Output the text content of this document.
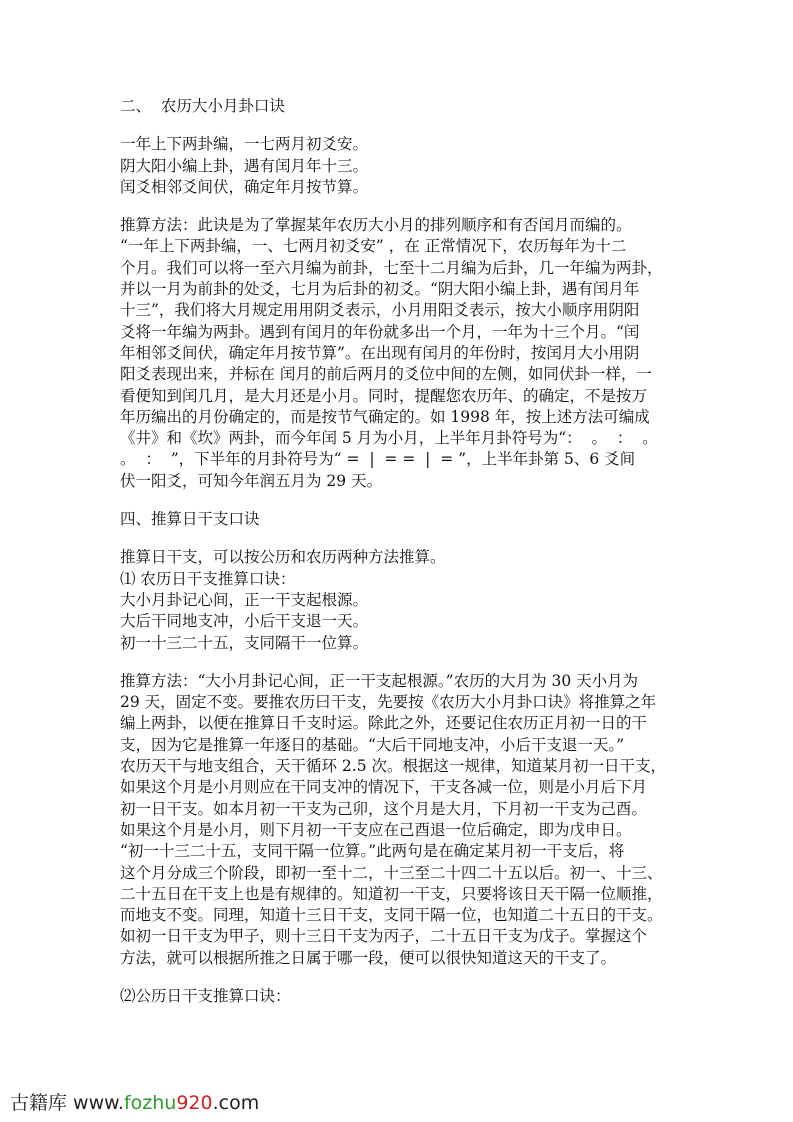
二、  农历大小月卦口诀
一年上下两卦编，一七两月初爻安。
阴大阳小编上卦，遇有闰月年十三。
闰爻相邻爻间伏，确定年月按节算。
推算方法：此诀是为了掌握某年农历大小月的排列顺序和有否闰月而编的。
“一年上下两卦编，一、七两月初爻安” ，在 正常情况下，农历每年为十二
个月。我们可以将一至六月编为前卦，七至十二月编为后卦，几一年编为两卦，
并以一月为前卦的处爻，七月为后卦的初爻。“阴大阳小编上卦，遇有闰月年
十三”，我们将大月规定用用阴爻表示，小月用阳爻表示，按大小顺序用阴阳
爻将一年编为两卦。遇到有闰月的年份就多出一个月，一年为十三个月。“闰
年相邻爻间伏，确定年月按节算”。在出现有闰月的年份时，按闰月大小用阴
阳爻表现出来，并标在 闰月的前后两月的爻位中间的左侧，如同伏卦一样，一
看便知到闰几月，是大月还是小月。同时，提醒您农历年、的确定，不是按万
年历编出的月份确定的，而是按节气确定的。如 1998 年，按上述方法可编成
《井》和《坎》两卦，而今年闰 5 月为小月，上半年月卦符号为“：  。  ：  。
。  ：  ”，下半年的月卦符号为“ =  |  = =  |  = ”，上半年卦第 5、6 爻间
伏一阳爻，可知今年润五月为 29 天。
四、推算日干支口诀
推算日干支，可以按公历和农历两种方法推算。
⑴ 农历日干支推算口诀：
大小月卦记心间，正一干支起根源。
大后干同地支冲，小后干支退一天。
初一十三二十五，支同隔干一位算。
推算方法：“大小月卦记心间，正一干支起根源。”农历的大月为 30 天小月为
29 天，固定不变。要推农历曰干支，先要按《农历大小月卦口诀》将推算之年
编上两卦，以便在推算日千支时运。除此之外，还要记住农历正月初一日的干
支，因为它是推算一年逐日的基础。“大后干同地支冲，小后干支退一天。”
农历天干与地支组合，天干循环 2.5 次。根据这一规律，知道某月初一日干支，
如果这个月是小月则应在干同支冲的情况下，干支各减一位，则是小月后下月
初一日干支。如本月初一干支为己卯，这个月是大月，下月初一干支为己酉。
如果这个月是小月，则下月初一干支应在己酉退一位后确定，即为戊申日。
“初一十三二十五，支同干隔一位算。”此两句是在确定某月初一干支后，将
这个月分成三个阶段，即初一至十二，十三至二十四二十五以后。初一、十三、
二十五日在干支上也是有规律的。知道初一干支，只要将该日天干隔一位顺推，
而地支不变。同理，知道十三日干支，支同干隔一位，也知道二十五日的干支。
如初一日干支为甲子，则十三日干支为丙子，二十五日干支为戊子。掌握这个
方法，就可以根据所推之日属于哪一段，便可以很快知道这天的干支了。
⑵公历日干支推算口诀：
古籍库 www.fozhu920.com
